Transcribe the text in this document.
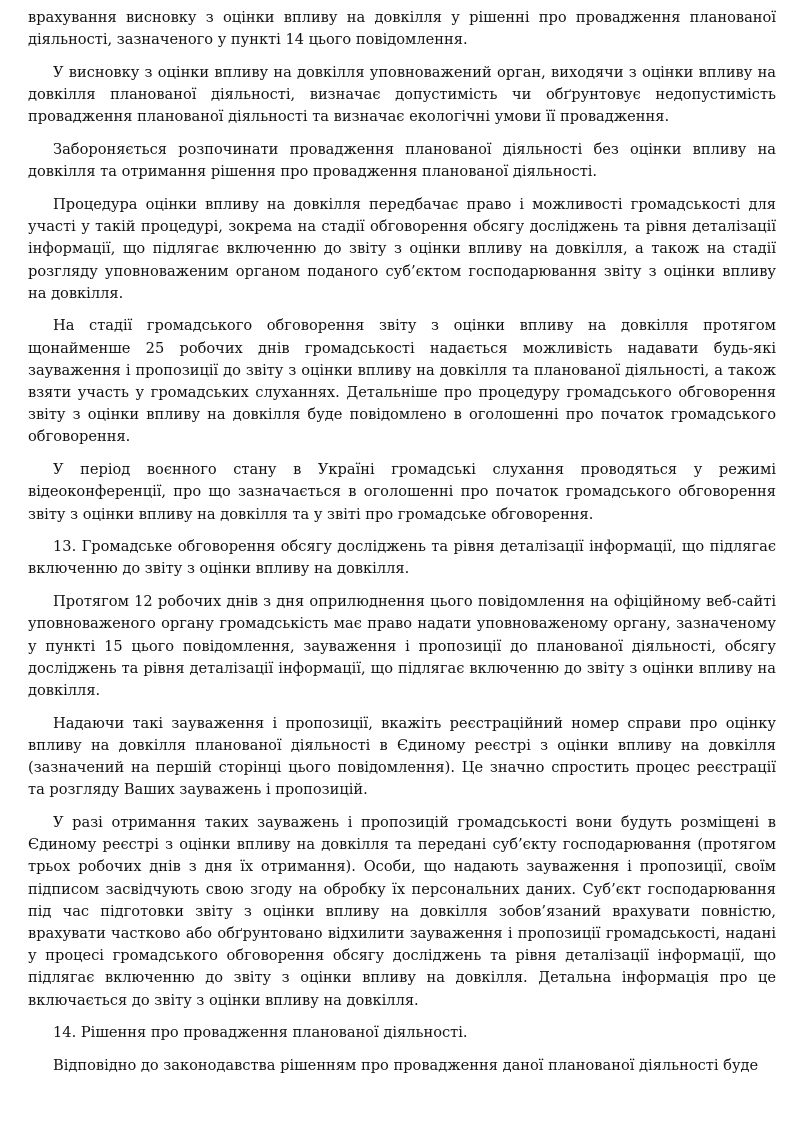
врахування висновку з оцінки впливу на довкілля у рішенні про провадження планованої діяльності, зазначеного у пункті 14 цього повідомлення.

У висновку з оцінки впливу на довкілля уповноважений орган, виходячи з оцінки впливу на довкілля планованої діяльності, визначає допустимість чи обґрунтовує недопустимість провадження планованої діяльності та визначає екологічні умови її провадження.

Забороняється розпочинати провадження планованої діяльності без оцінки впливу на довкілля та отримання рішення про провадження планованої діяльності.

Процедура оцінки впливу на довкілля передбачає право і можливості громадськості для участі у такій процедурі, зокрема на стадії обговорення обсягу досліджень та рівня деталізації інформації, що підлягає включенню до звіту з оцінки впливу на довкілля, а також на стадії розгляду уповноваженим органом поданого суб’єктом господарювання звіту з оцінки впливу на довкілля.

На стадії громадського обговорення звіту з оцінки впливу на довкілля протягом щонайменше 25 робочих днів громадськості надається можливість надавати будь-які зауваження і пропозиції до звіту з оцінки впливу на довкілля та планованої діяльності, а також взяти участь у громадських слуханнях. Детальніше про процедуру громадського обговорення звіту з оцінки впливу на довкілля буде повідомлено в оголошенні про початок громадського обговорення.

У період воєнного стану в Україні громадські слухання проводяться у режимі відеоконференції, про що зазначається в оголошенні про початок громадського обговорення звіту з оцінки впливу на довкілля та у звіті про громадське обговорення.

13. Громадське обговорення обсягу досліджень та рівня деталізації інформації, що підлягає включенню до звіту з оцінки впливу на довкілля.

Протягом 12 робочих днів з дня оприлюднення цього повідомлення на офіційному веб-сайті уповноваженого органу громадськість має право надати уповноваженому органу, зазначеному у пункті 15 цього повідомлення, зауваження і пропозиції до планованої діяльності, обсягу досліджень та рівня деталізації інформації, що підлягає включенню до звіту з оцінки впливу на довкілля.

Надаючи такі зауваження і пропозиції, вкажіть реєстраційний номер справи про оцінку впливу на довкілля планованої діяльності в Єдиному реєстрі з оцінки впливу на довкілля (зазначений на першій сторінці цього повідомлення). Це значно спростить процес реєстрації та розгляду Ваших зауважень і пропозицій.

У разі отримання таких зауважень і пропозицій громадськості вони будуть розміщені в Єдиному реєстрі з оцінки впливу на довкілля та передані суб’єкту господарювання (протягом трьох робочих днів з дня їх отримання). Особи, що надають зауваження і пропозиції, своїм підписом засвідчують свою згоду на обробку їх персональних даних. Суб’єкт господарювання під час підготовки звіту з оцінки впливу на довкілля зобов’язаний врахувати повністю, врахувати частково або обґрунтовано відхилити зауваження і пропозиції громадськості, надані у процесі громадського обговорення обсягу досліджень та рівня деталізації інформації, що підлягає включенню до звіту з оцінки впливу на довкілля. Детальна інформація про це включається до звіту з оцінки впливу на довкілля.

14. Рішення про провадження планованої діяльності.

Відповідно до законодавства рішенням про провадження даної планованої діяльності буде
